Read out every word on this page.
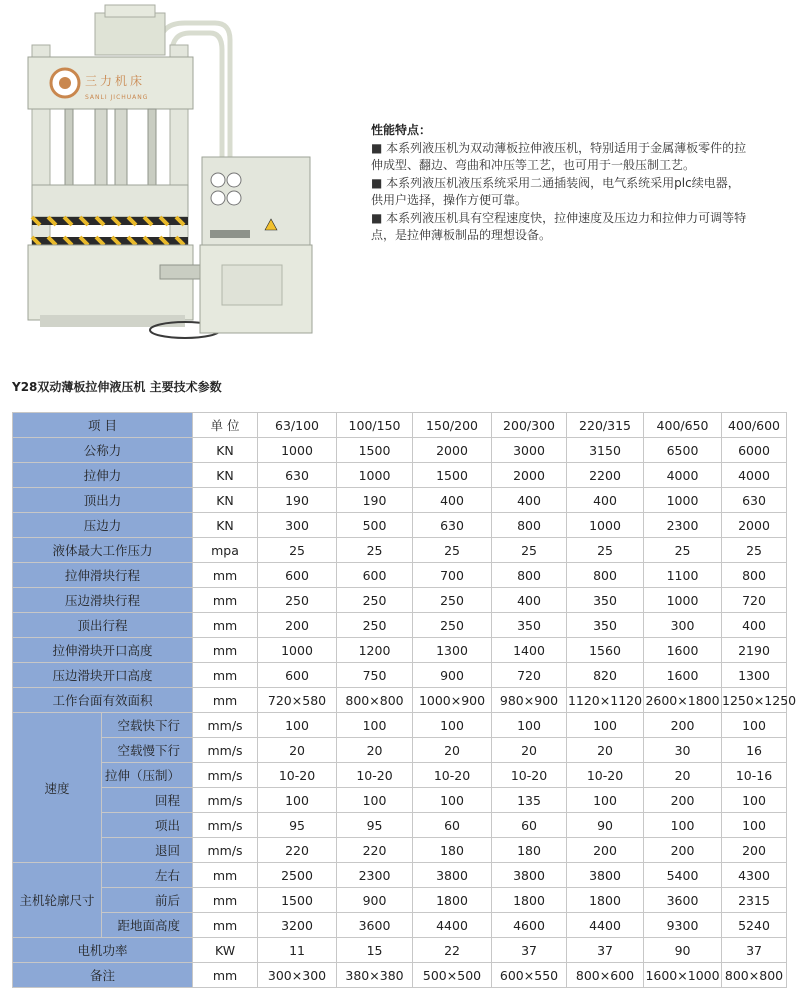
三力机床
SANLI JICHUANG
性能特点：

■ 本系列液压机为双动薄板拉伸液压机，特别适用于金属薄板零件的拉伸成型、翻边、弯曲和冲压等工艺，也可用于一般压制工艺。

■ 本系列液压机液压系统采用二通插装阀，电气系统采用plc续电器，供用户选择，操作方便可靠。

■ 本系列液压机具有空程速度快，拉伸速度及压边力和拉伸力可调等特点，是拉伸薄板制品的理想设备。

Y28双动薄板拉伸液压机 主要技术参数
项 目		单 位	63/100	100/150	150/200	200/300	220/315	400/650	400/600
公称力		KN	1000	1500	2000	3000	3150	6500	6000
拉伸力		KN	630	1000	1500	2000	2200	4000	4000
顶出力		KN	190	190	400	400	400	1000	630
压边力		KN	300	500	630	800	1000	2300	2000
液体最大工作压力		mpa	25	25	25	25	25	25	25
拉伸滑块行程		mm	600	600	700	800	800	1100	800
压边滑块行程		mm	250	250	250	400	350	1000	720
顶出行程		mm	200	250	250	350	350	300	400
拉伸滑块开口高度		mm	1000	1200	1300	1400	1560	1600	2190
压边滑块开口高度		mm	600	750	900	720	820	1600	1300
工作台面有效面积		mm	720×580	800×800	1000×900	980×900	1120×1120	2600×1800	1250×1250
速度	空载快下行	mm/s	100	100	100	100	100	200	100
	空载慢下行	mm/s	20	20	20	20	20	30	16
	拉伸（压制）	mm/s	10-20	10-20	10-20	10-20	10-20	20	10-16
	回程	mm/s	100	100	100	135	100	200	100
	项出	mm/s	95	95	60	60	90	100	100
	退回	mm/s	220	220	180	180	200	200	200
主机轮廓尺寸	左右	mm	2500	2300	3800	3800	3800	5400	4300
	前后	mm	1500	900	1800	1800	1800	3600	2315
	距地面高度	mm	3200	3600	4400	4600	4400	9300	5240
电机功率		KW	11	15	22	37	37	90	37
备注		mm	300×300	380×380	500×500	600×550	800×600	1600×1000	800×800
